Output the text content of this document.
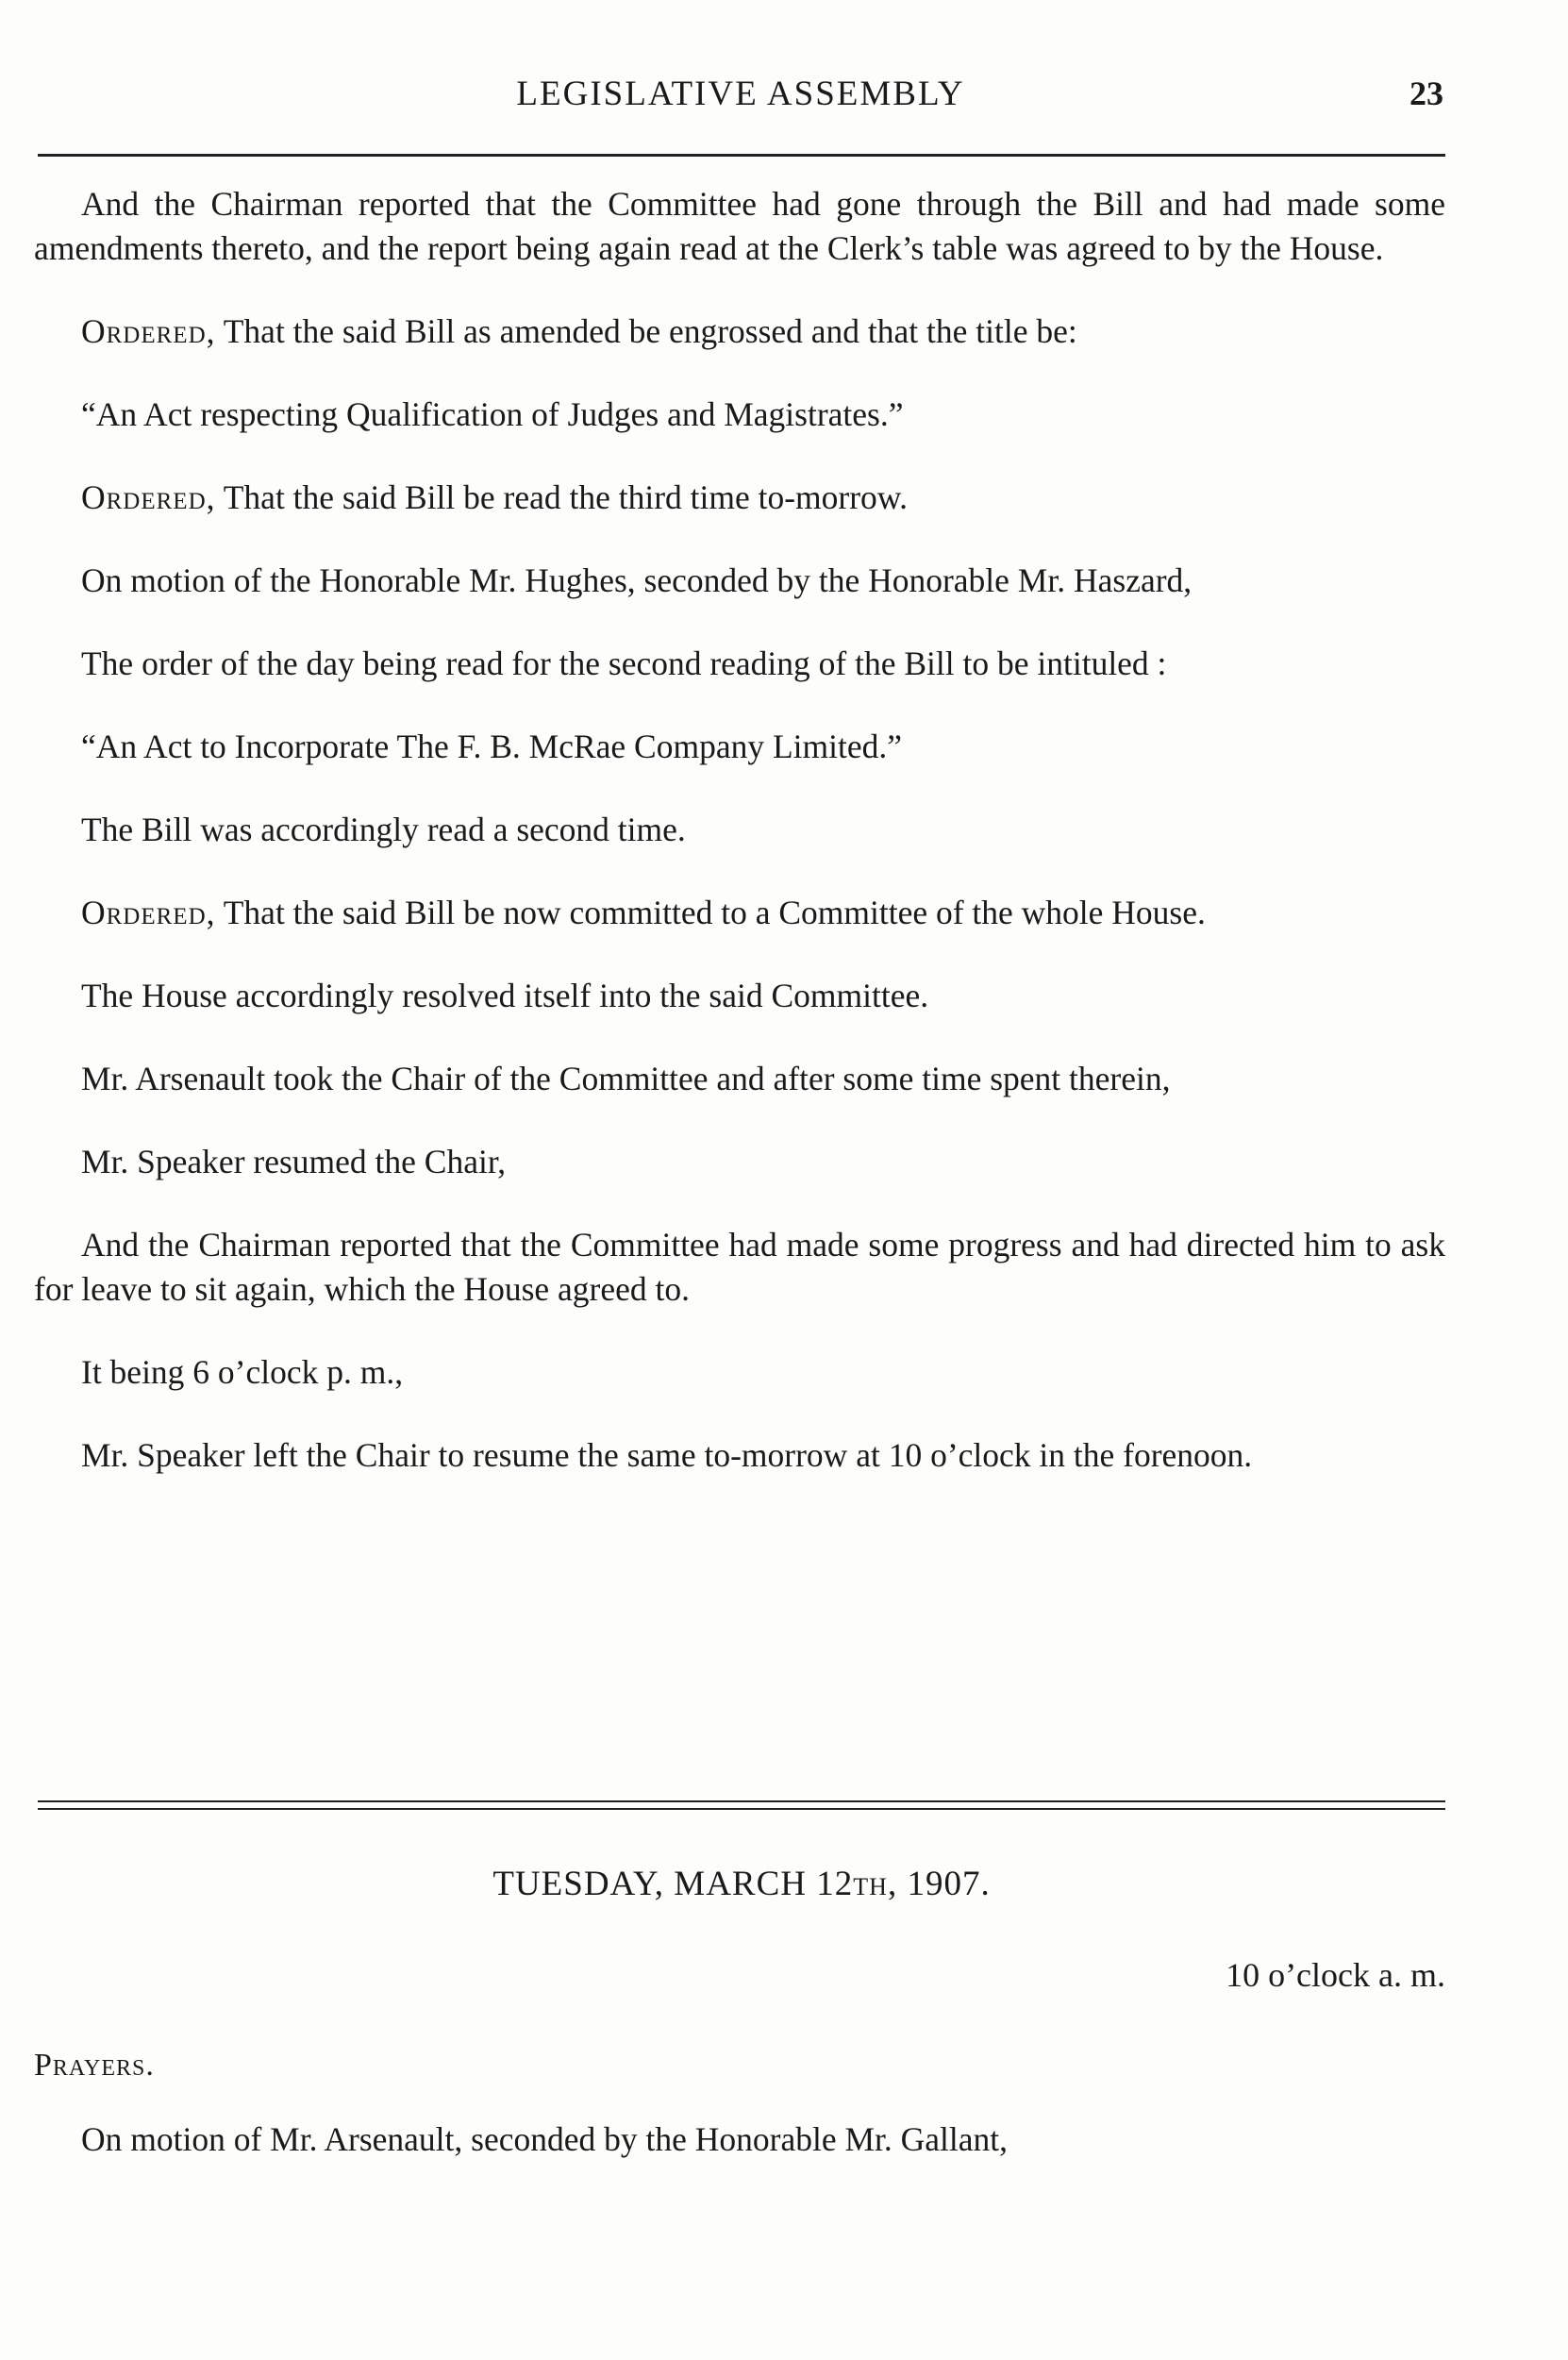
LEGISLATIVE ASSEMBLY	23

And the Chairman reported that the Committee had gone through the Bill and had made some amendments thereto, and the report being again read at the Clerk’s table was agreed to by the House.

Ordered, That the said Bill as amended be engrossed and that the title be:

“An Act respecting Qualification of Judges and Magistrates.”

Ordered, That the said Bill be read the third time to-morrow.

On motion of the Honorable Mr. Hughes, seconded by the Honorable Mr. Haszard,

The order of the day being read for the second reading of the Bill to be intituled :

“An Act to Incorporate The F. B. McRae Company Limited.”

The Bill was accordingly read a second time.

Ordered, That the said Bill be now committed to a Committee of the whole House.

The House accordingly resolved itself into the said Committee.

Mr. Arsenault took the Chair of the Committee and after some time spent therein,

Mr. Speaker resumed the Chair,

And the Chairman reported that the Committee had made some progress and had directed him to ask for leave to sit again, which the House agreed to.

It being 6 o’clock p. m.,

Mr. Speaker left the Chair to resume the same to-morrow at 10 o’clock in the forenoon.

TUESDAY, MARCH 12TH, 1907.
10 o’clock a. m.
Prayers.
On motion of Mr. Arsenault, seconded by the Honorable Mr. Gallant,
